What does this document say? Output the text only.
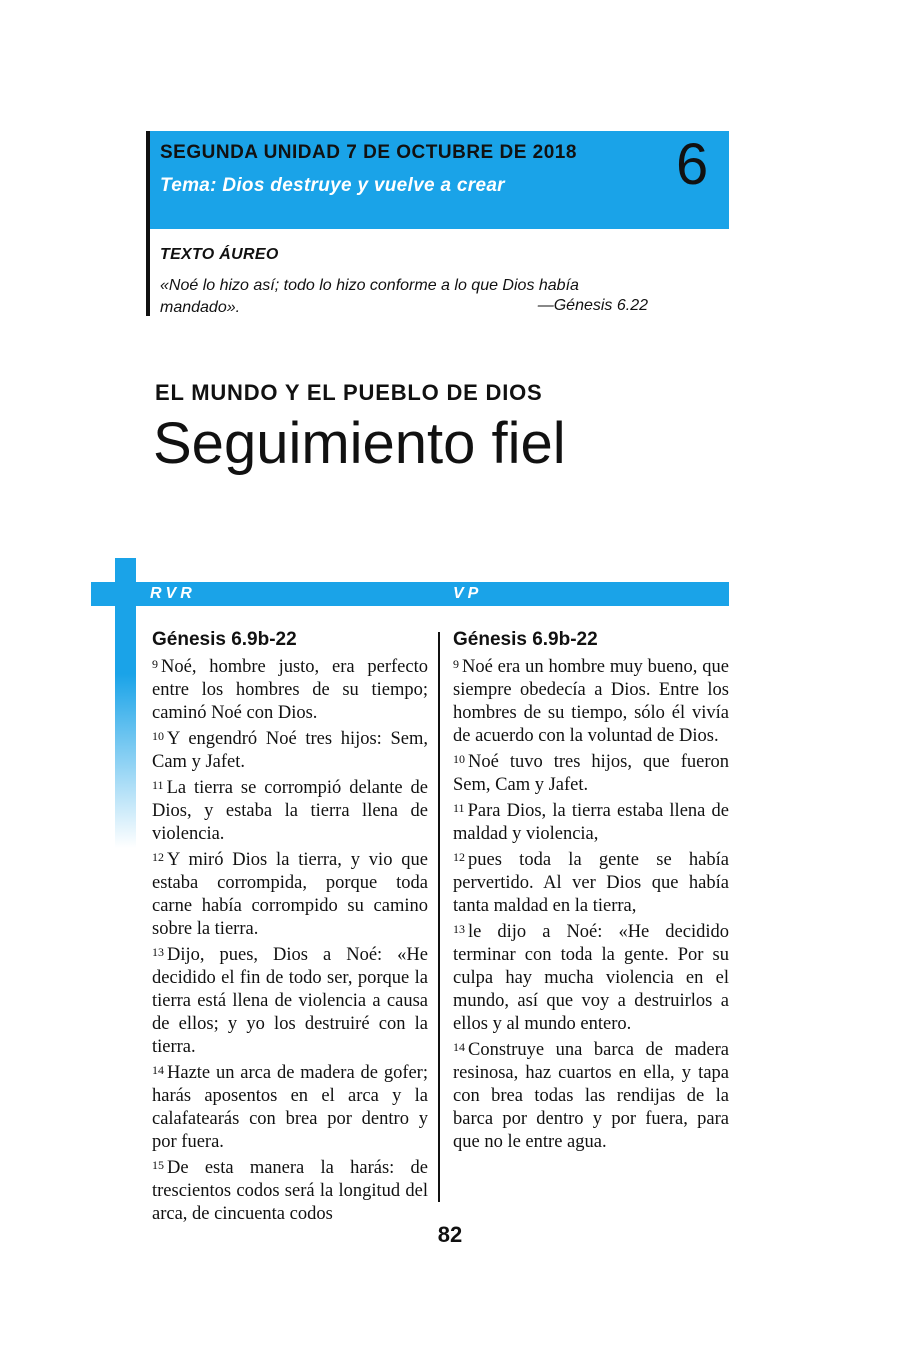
SEGUNDA UNIDAD 7 DE OCTUBRE DE 2018
Tema: Dios destruye y vuelve a crear	6
TEXTO ÁUREO
«Noé lo hizo así; todo lo hizo conforme a lo que Dios había mandado».	—Génesis 6.22
EL MUNDO Y EL PUEBLO DE DIOS
Seguimiento fiel
RVR	VP
Génesis 6.9b-22

$^9$ Noé, hombre justo, era perfecto entre los hombres de su tiempo; caminó Noé con Dios.

$^{10}$ Y engendró Noé tres hijos: Sem, Cam y Jafet.

$^{11}$ La tierra se corrompió delante de Dios, y estaba la tierra llena de violencia.

$^{12}$ Y miró Dios la tierra, y vio que estaba corrompida, porque toda carne había corrompido su camino sobre la tierra.

$^{13}$ Dijo, pues, Dios a Noé: «He decidido el fin de todo ser, porque la tierra está llena de violencia a causa de ellos; y yo los destruiré con la tierra.

$^{14}$ Hazte un arca de madera de gofer; harás aposentos en el arca y la calafatearás con brea por dentro y por fuera.

$^{15}$ De esta manera la harás: de trescientos codos será la longitud del arca, de cincuenta codos

Génesis 6.9b-22

$^9$ Noé era un hombre muy bueno, que siempre obedecía a Dios. Entre los hombres de su tiempo, sólo él vivía de acuerdo con la voluntad de Dios.

$^{10}$ Noé tuvo tres hijos, que fueron Sem, Cam y Jafet.

$^{11}$ Para Dios, la tierra estaba llena de maldad y violencia,

$^{12}$ pues toda la gente se había pervertido. Al ver Dios que había tanta maldad en la tierra,

$^{13}$ le dijo a Noé: «He decidido terminar con toda la gente. Por su culpa hay mucha violencia en el mundo, así que voy a destruirlos a ellos y al mundo entero.

$^{14}$ Construye una barca de madera resinosa, haz cuartos en ella, y tapa con brea todas las rendijas de la barca por dentro y por fuera, para que no le entre agua.

82
